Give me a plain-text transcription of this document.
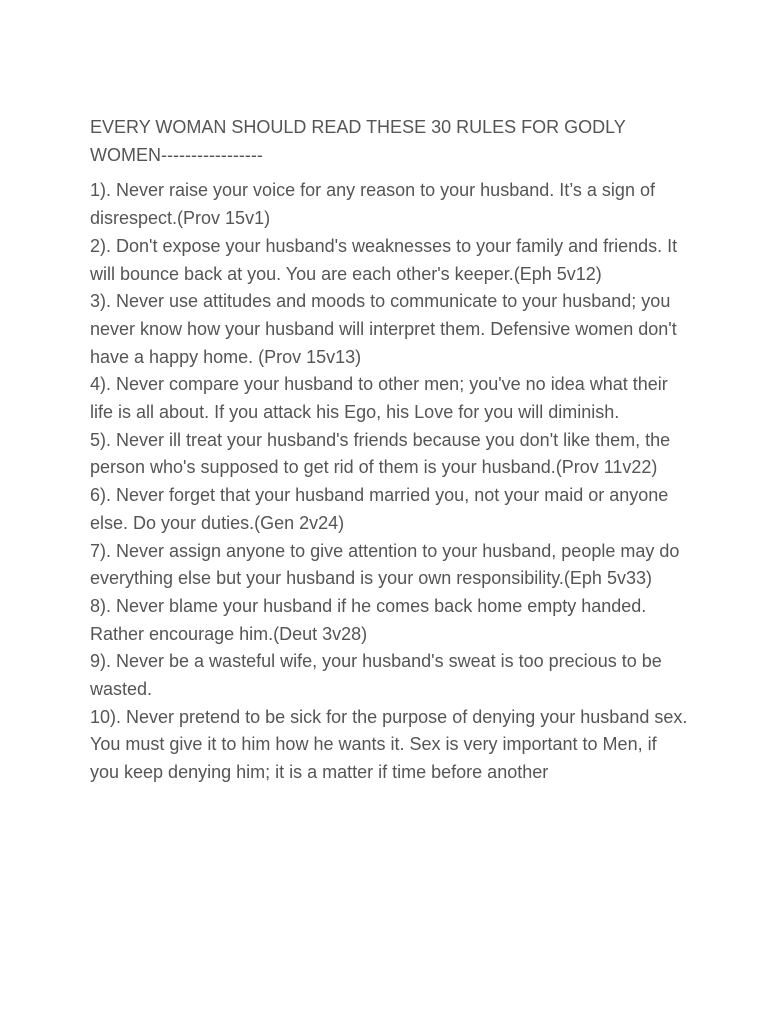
EVERY WOMAN SHOULD READ THESE 30 RULES FOR GODLY WOMEN-----------------

1). Never raise your voice for any reason to your husband. It’s a sign of disrespect.(Prov 15v1)
2). Don't expose your husband's weaknesses to your family and friends. It will bounce back at you. You are each other's keeper.(Eph 5v12)
3). Never use attitudes and moods to communicate to your husband; you never know how your husband will interpret them. Defensive women don't have a happy home. (Prov 15v13)
4). Never compare your husband to other men; you've no idea what their life is all about. If you attack his Ego, his Love for you will diminish.
5). Never ill treat your husband's friends because you don't like them, the person who's supposed to get rid of them is your husband.(Prov 11v22)
6). Never forget that your husband married you, not your maid or anyone else. Do your duties.(Gen 2v24)
7). Never assign anyone to give attention to your husband, people may do everything else but your husband is your own responsibility.(Eph 5v33)
8). Never blame your husband if he comes back home empty handed. Rather encourage him.(Deut 3v28)
9). Never be a wasteful wife, your husband's sweat is too precious to be wasted.
10). Never pretend to be sick for the purpose of denying your husband sex. You must give it to him how he wants it. Sex is very important to Men, if you keep denying him; it is a matter if time before another
